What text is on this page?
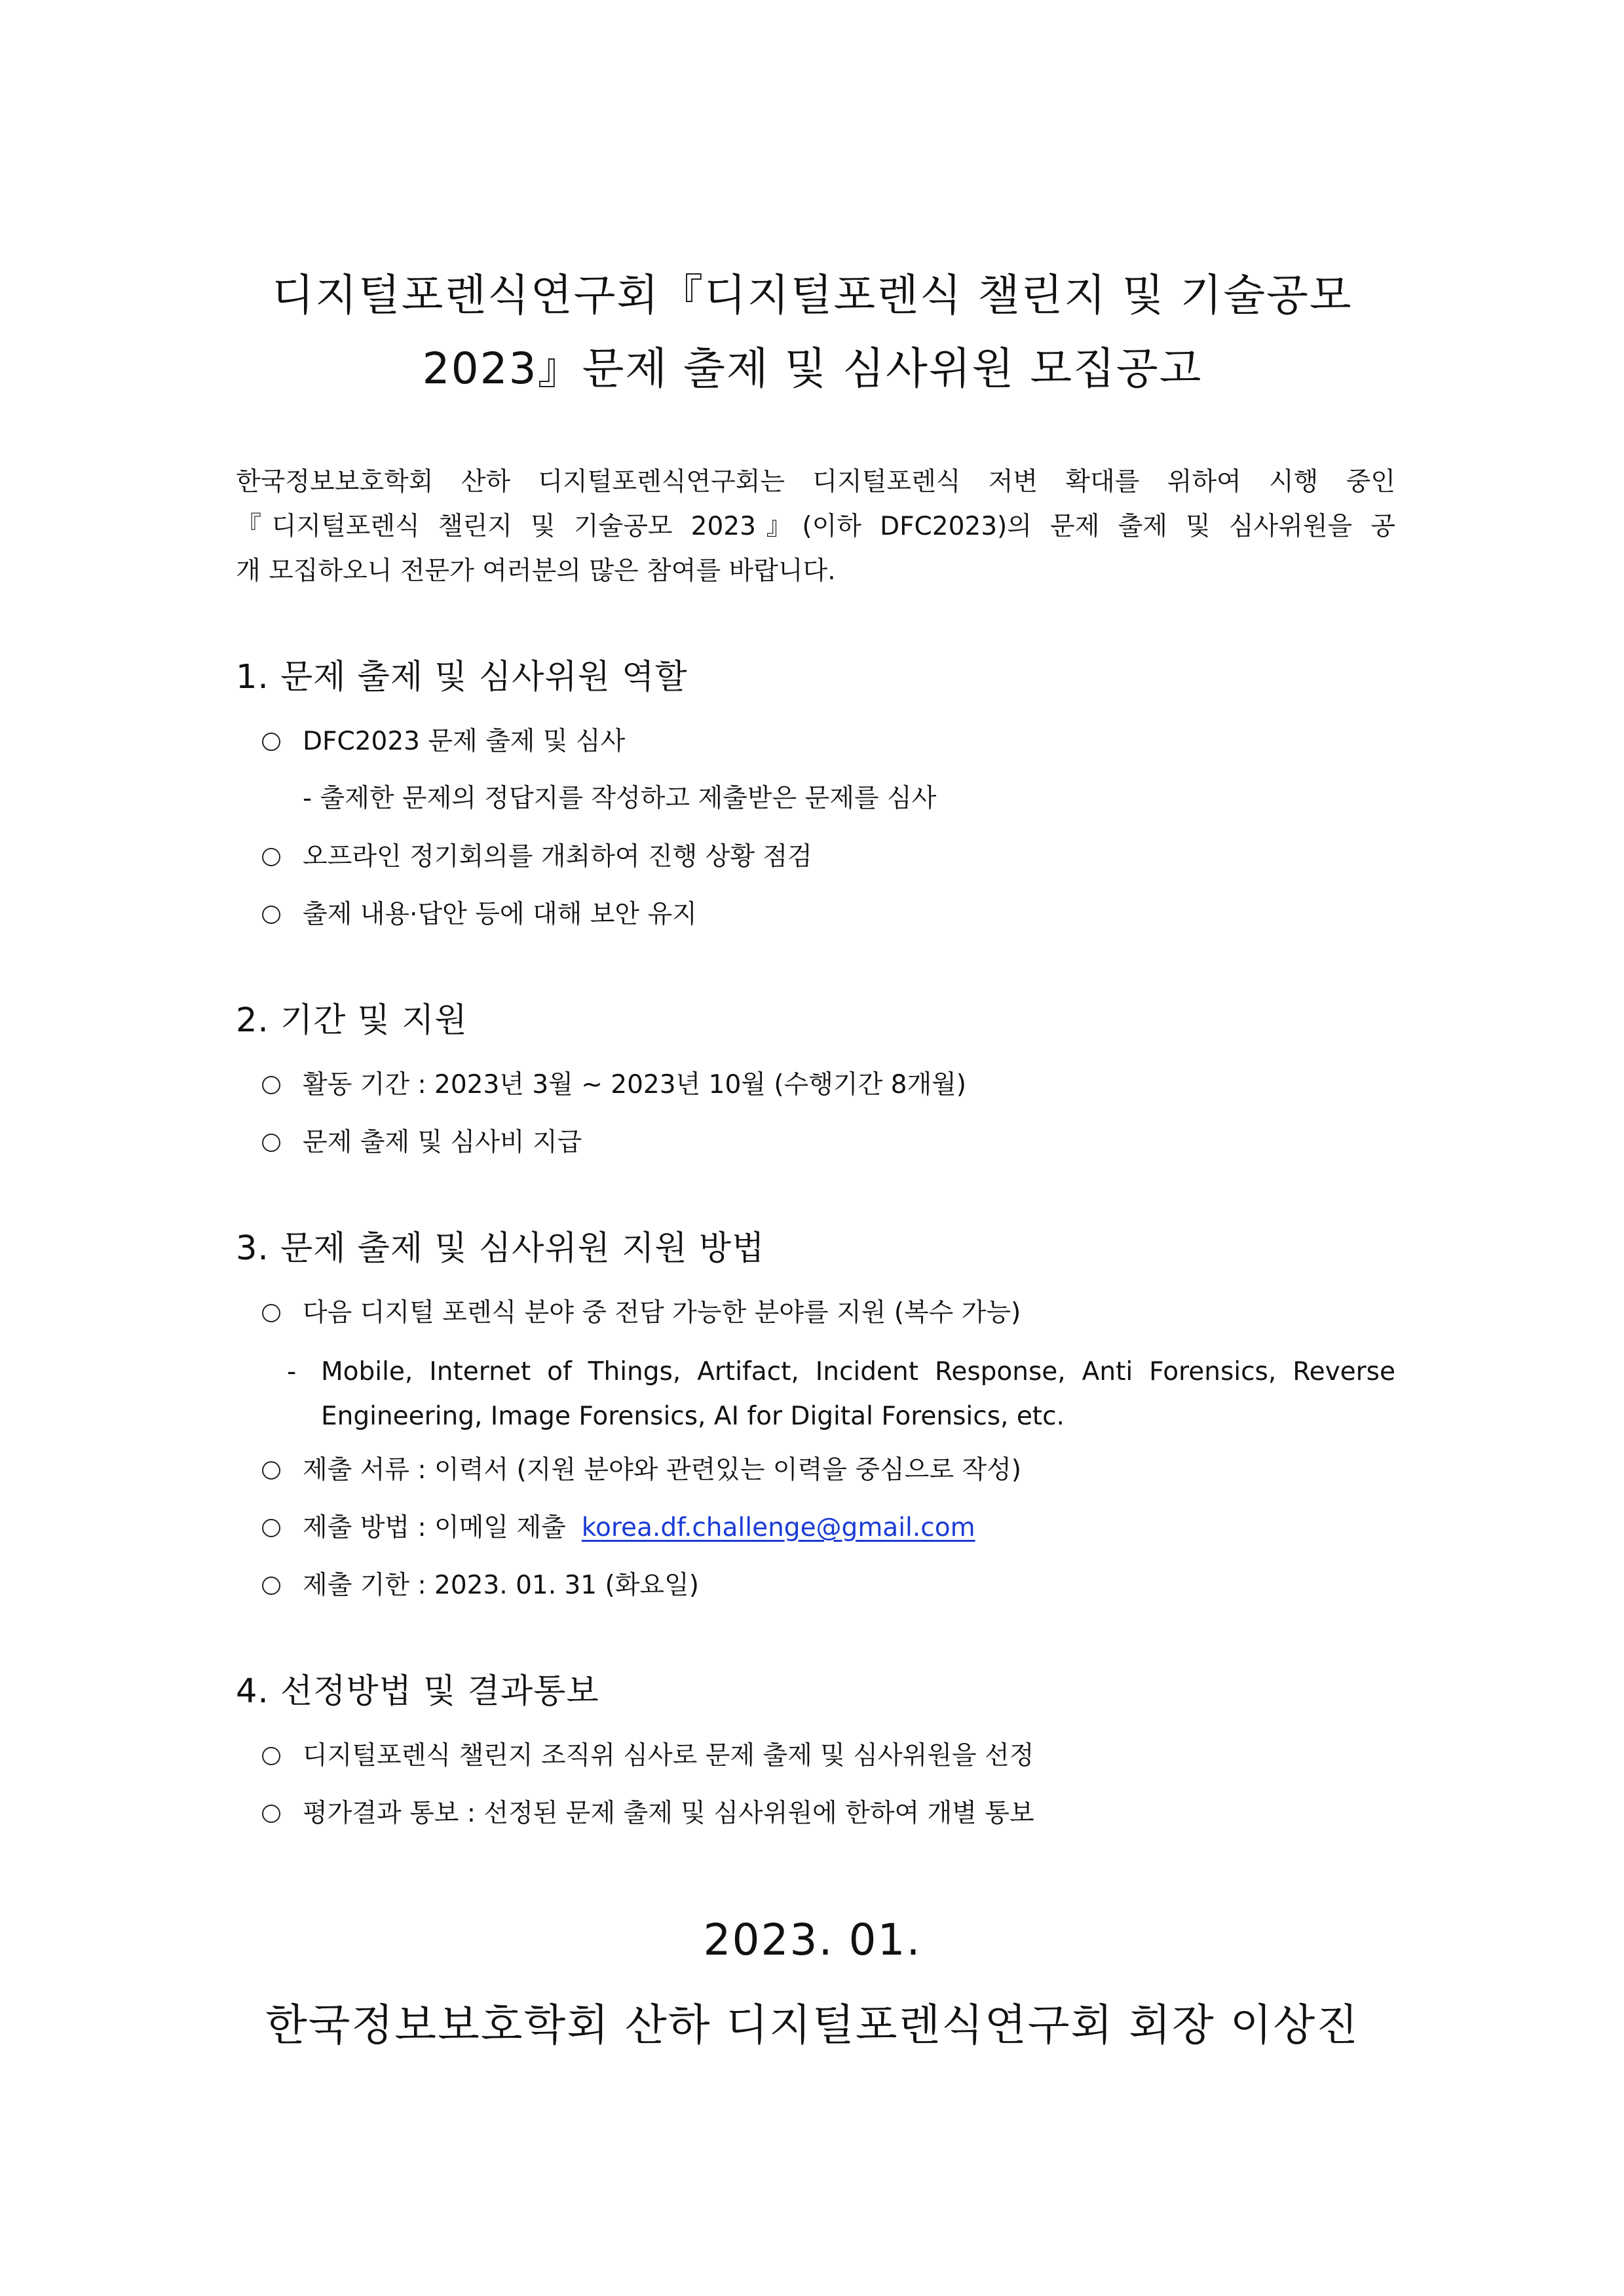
디지털포렌식연구회『디지털포렌식 챌린지 및 기술공모
2023』문제 출제 및 심사위원 모집공고
한국정보보호학회 산하 디지털포렌식연구회는 디지털포렌식 저변 확대를 위하여 시행 중인
『디지털포렌식 챌린지 및 기술공모 2023』(이하 DFC2023)의 문제 출제 및 심사위원을 공
개 모집하오니 전문가 여러분의 많은 참여를 바랍니다.
1. 문제 출제 및 심사위원 역할
DFC2023 문제 출제 및 심사
- 출제한 문제의 정답지를 작성하고 제출받은 문제를 심사
오프라인 정기회의를 개최하여 진행 상황 점검
출제 내용·답안 등에 대해 보안 유지
2. 기간 및 지원
활동 기간 : 2023년 3월 ~ 2023년 10월 (수행기간 8개월)
문제 출제 및 심사비 지급
3. 문제 출제 및 심사위원 지원 방법
다음 디지털 포렌식 분야 중 전담 가능한 분야를 지원 (복수 가능)
- Mobile, Internet of Things, Artifact, Incident Response, Anti Forensics, Reverse
Engineering, Image Forensics, AI for Digital Forensics, etc.
제출 서류 : 이력서 (지원 분야와 관련있는 이력을 중심으로 작성)
제출 방법 : 이메일 제출 korea.df.challenge@gmail.com
제출 기한 : 2023. 01. 31 (화요일)
4. 선정방법 및 결과통보
디지털포렌식 챌린지 조직위 심사로 문제 출제 및 심사위원을 선정
평가결과 통보 : 선정된 문제 출제 및 심사위원에 한하여 개별 통보
2023. 01.
한국정보보호학회 산하 디지털포렌식연구회 회장 이상진
